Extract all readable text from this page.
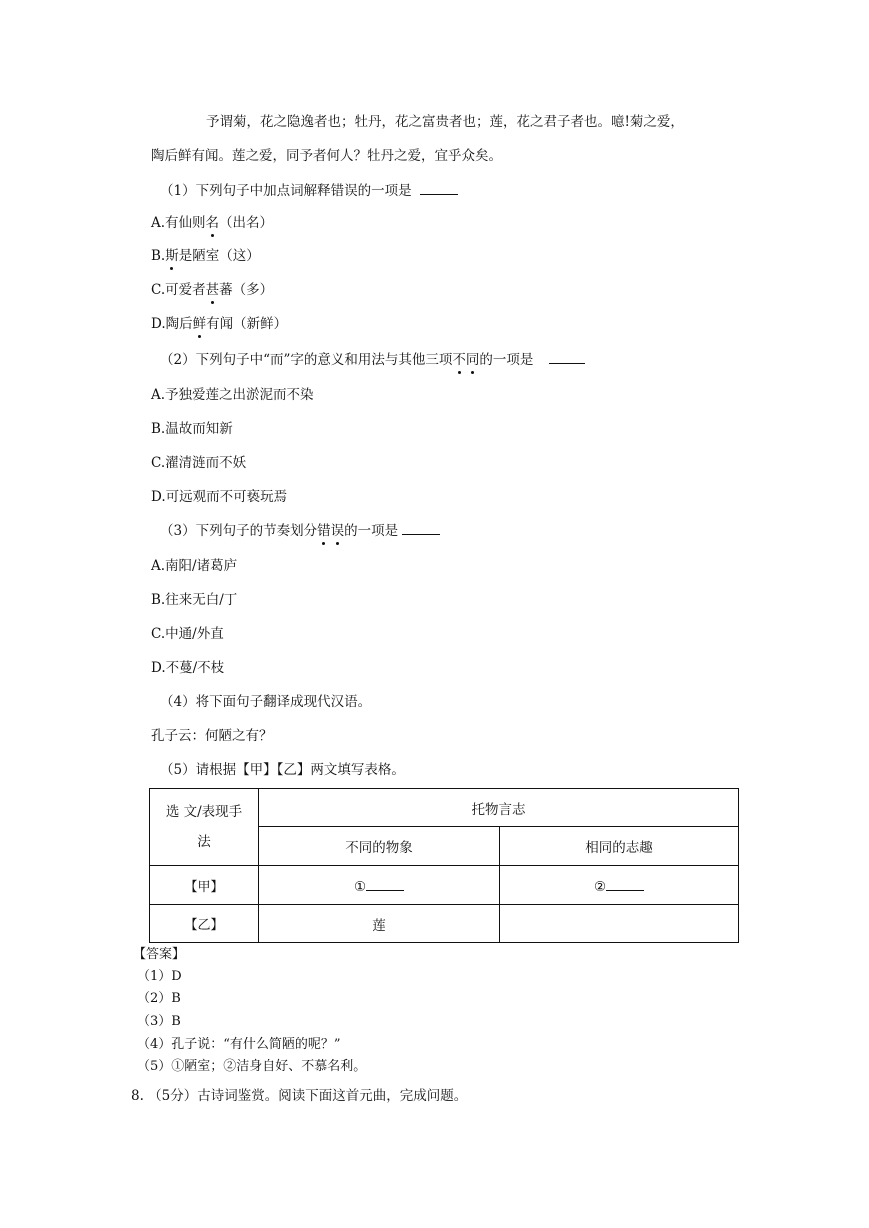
予谓菊，花之隐逸者也；牡丹，花之富贵者也；莲，花之君子者也。噫!菊之爱，
陶后鲜有闻。莲之爱，同予者何人？牡丹之爱，宜乎众矣。
（1）下列句子中加点词解释错误的一项是
A.有仙则名（出名）
B.斯是陋室（这）
C.可爱者甚蕃（多）
D.陶后鲜有闻（新鲜）
（2）下列句子中“而”字的意义和用法与其他三项不同的一项是
A.予独爱莲之出淤泥而不染
B.温故而知新
C.濯清涟而不妖
D.可远观而不可亵玩焉
（3）下列句子的节奏划分错误的一项是
A.南阳/诸葛庐
B.往来无白/丁
C.中通/外直
D.不蔓/不枝
（4）将下面句子翻译成现代汉语。
孔子云：何陋之有？
（5）请根据【甲】【乙】两文填写表格。
选 文/表现手
法	托物言志	
	不同的物象	相同的志趣
【甲】	①	②
【乙】	莲	
【答案】
（1）D
（2）B
（3）B
（4）孔子说：“有什么简陋的呢？”
（5）①陋室；②洁身自好、不慕名利。
8. （5分）古诗词鉴赏。阅读下面这首元曲，完成问题。
